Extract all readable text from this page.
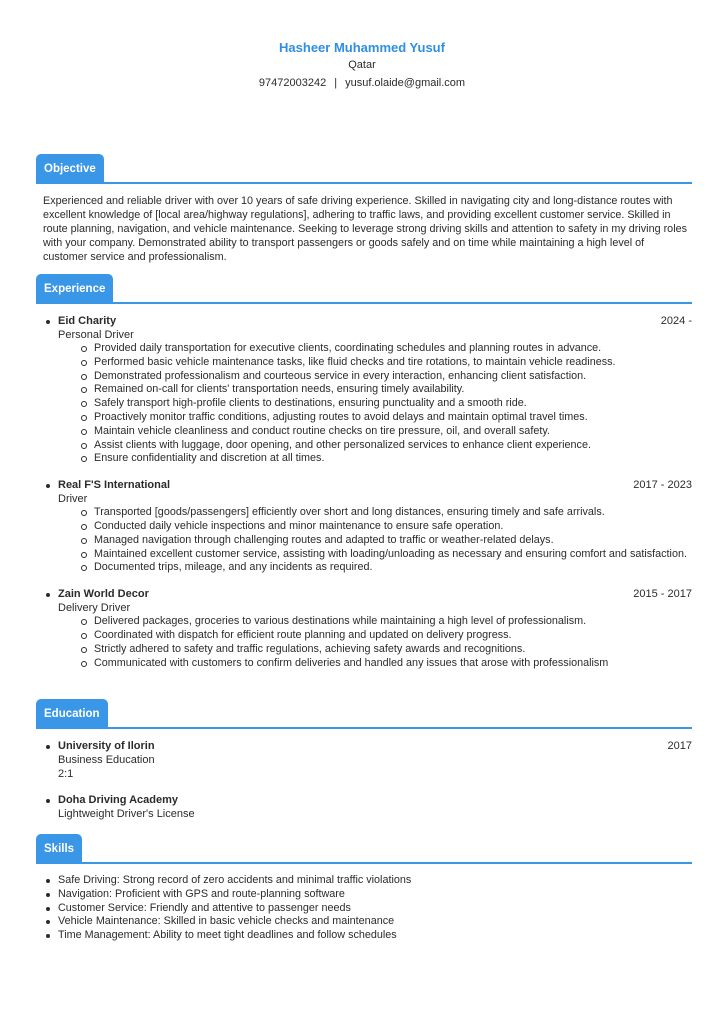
Hasheer Muhammed Yusuf
Qatar
97472003242 | yusuf.olaide@gmail.com
Objective
Experienced and reliable driver with over 10 years of safe driving experience. Skilled in navigating city and long-distance routes with excellent knowledge of [local area/highway regulations], adhering to traffic laws, and providing excellent customer service. Skilled in route planning, navigation, and vehicle maintenance. Seeking to leverage strong driving skills and attention to safety in my driving roles with your company. Demonstrated ability to transport passengers or goods safely and on time while maintaining a high level of customer service and professionalism.
Experience
Eid Charity	2024 -
Personal Driver
Provided daily transportation for executive clients, coordinating schedules and planning routes in advance.
Performed basic vehicle maintenance tasks, like fluid checks and tire rotations, to maintain vehicle readiness.
Demonstrated professionalism and courteous service in every interaction, enhancing client satisfaction.
Remained on-call for clients' transportation needs, ensuring timely availability.
Safely transport high-profile clients to destinations, ensuring punctuality and a smooth ride.
Proactively monitor traffic conditions, adjusting routes to avoid delays and maintain optimal travel times.
Maintain vehicle cleanliness and conduct routine checks on tire pressure, oil, and overall safety.
Assist clients with luggage, door opening, and other personalized services to enhance client experience.
Ensure confidentiality and discretion at all times.
Real F'S International	2017 - 2023
Driver
Transported [goods/passengers] efficiently over short and long distances, ensuring timely and safe arrivals.
Conducted daily vehicle inspections and minor maintenance to ensure safe operation.
Managed navigation through challenging routes and adapted to traffic or weather-related delays.
Maintained excellent customer service, assisting with loading/unloading as necessary and ensuring comfort and satisfaction.
Documented trips, mileage, and any incidents as required.
Zain World Decor	2015 - 2017
Delivery Driver
Delivered packages, groceries to various destinations while maintaining a high level of professionalism.
Coordinated with dispatch for efficient route planning and updated on delivery progress.
Strictly adhered to safety and traffic regulations, achieving safety awards and recognitions.
Communicated with customers to confirm deliveries and handled any issues that arose with professionalism
Education
University of Ilorin	2017
Business Education
2:1
Doha Driving Academy
Lightweight Driver's License
Skills
Safe Driving: Strong record of zero accidents and minimal traffic violations
Navigation: Proficient with GPS and route-planning software
Customer Service: Friendly and attentive to passenger needs
Vehicle Maintenance: Skilled in basic vehicle checks and maintenance
Time Management: Ability to meet tight deadlines and follow schedules
